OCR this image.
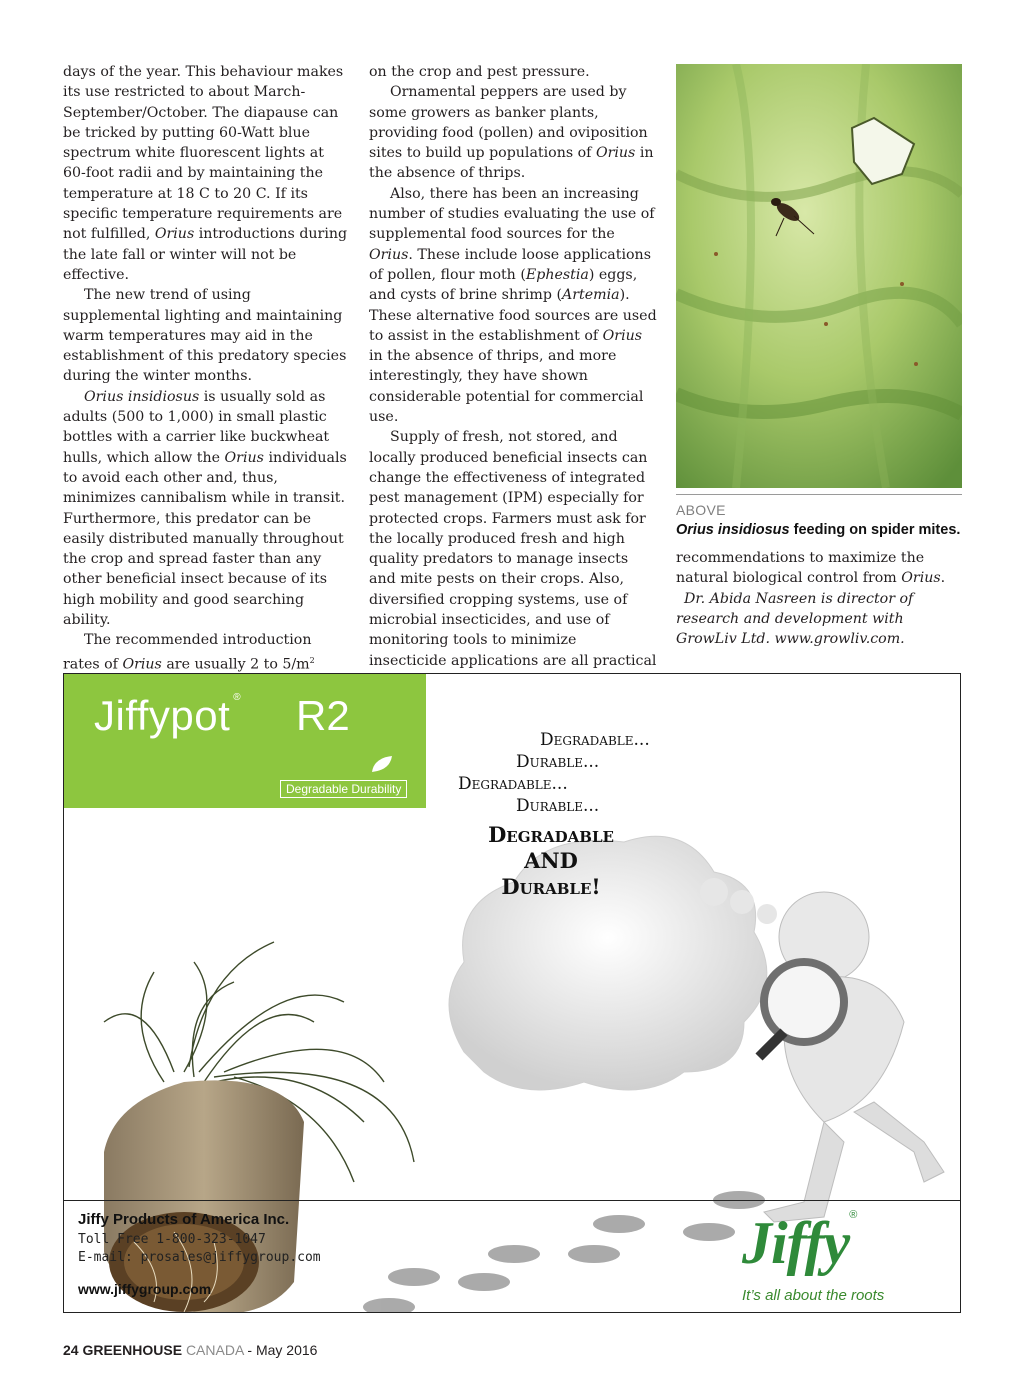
days of the year. This behaviour makes its use restricted to about March-September/October. The diapause can be tricked by putting 60-Watt blue spectrum white fluorescent lights at 60-foot radii and by maintaining the temperature at 18 C to 20 C. If its specific temperature requirements are not fulfilled, Orius introductions during the late fall or winter will not be effective.

The new trend of using supplemental lighting and maintaining warm temperatures may aid in the establishment of this predatory species during the winter months.

Orius insidiosus is usually sold as adults (500 to 1,000) in small plastic bottles with a carrier like buckwheat hulls, which allow the Orius individuals to avoid each other and, thus, minimizes cannibalism while in transit. Furthermore, this predator can be easily distributed manually throughout the crop and spread faster than any other beneficial insect because of its high mobility and good searching ability.

The recommended introduction rates of Orius are usually 2 to $5/m^2$

on the crop and pest pressure.

Ornamental peppers are used by some growers as banker plants, providing food (pollen) and oviposition sites to build up populations of Orius in the absence of thrips.

Also, there has been an increasing number of studies evaluating the use of supplemental food sources for the Orius. These include loose applications of pollen, flour moth (Ephestia) eggs, and cysts of brine shrimp (Artemia). These alternative food sources are used to assist in the establishment of Orius in the absence of thrips, and more interestingly, they have shown considerable potential for commercial use.

Supply of fresh, not stored, and locally produced beneficial insects can change the effectiveness of integrated pest management (IPM) especially for protected crops. Farmers must ask for the locally produced fresh and high quality predators to manage insects and mite pests on their crops. Also, diversified cropping systems, use of microbial insecticides, and use of monitoring tools to minimize insecticide applications are all practical

ABOVE
Orius insidiosus feeding on spider mites.

recommendations to maximize the natural biological control from Orius.

Dr. Abida Nasreen is director of research and development with GrowLiv Ltd. www.growliv.com.

Jiffypot ® R2
Degradable Durability
Degradable...
Durable...
Degradable...
Durable...
Degradable
AND
Durable!
Jiffy Products of America Inc.
Toll Free 1-800-323-1047
E-mail: prosales@jiffygroup.com
www.jiffygroup.com
Jiffy®
It’s all about the roots
24 GREENHOUSE CANADA - May 2016
